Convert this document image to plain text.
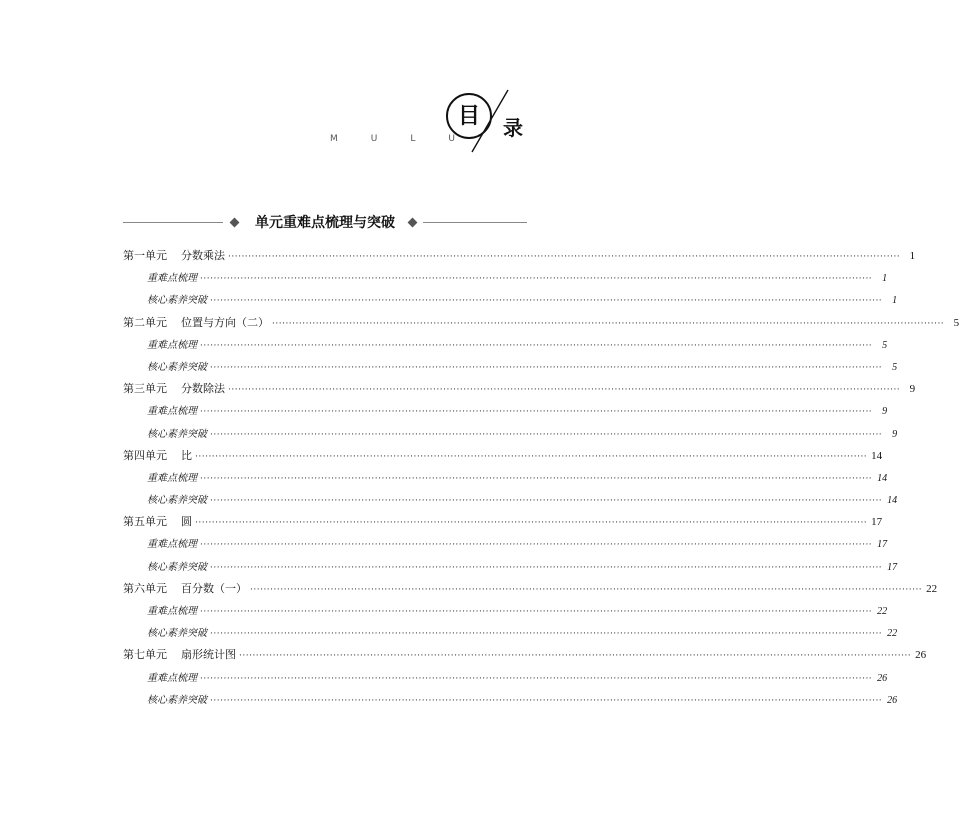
M	U	L	U
目 录
单元重难点梳理与突破
第一单元    分数乘法 ········································································································································································································ 1
重难点梳理 ········································································································································································································	1
核心素养突破 ········································································································································································································	1
第二单元    位置与方向（二） ········································································································································································································ 5
重难点梳理 ········································································································································································································	5
核心素养突破 ········································································································································································································	5
第三单元    分数除法 ········································································································································································································ 9
重难点梳理 ········································································································································································································	9
核心素养突破 ········································································································································································································	9
第四单元    比 ········································································································································································································ 14
重难点梳理 ········································································································································································································ 14
核心素养突破 ········································································································································································································ 14
第五单元    圆 ········································································································································································································ 17
重难点梳理 ········································································································································································································ 17
核心素养突破 ········································································································································································································ 17
第六单元    百分数（一） ········································································································································································································ 22
重难点梳理 ········································································································································································································ 22
核心素养突破 ········································································································································································································ 22
第七单元    扇形统计图 ········································································································································································································ 26
重难点梳理 ········································································································································································································ 26
核心素养突破 ········································································································································································································ 26
